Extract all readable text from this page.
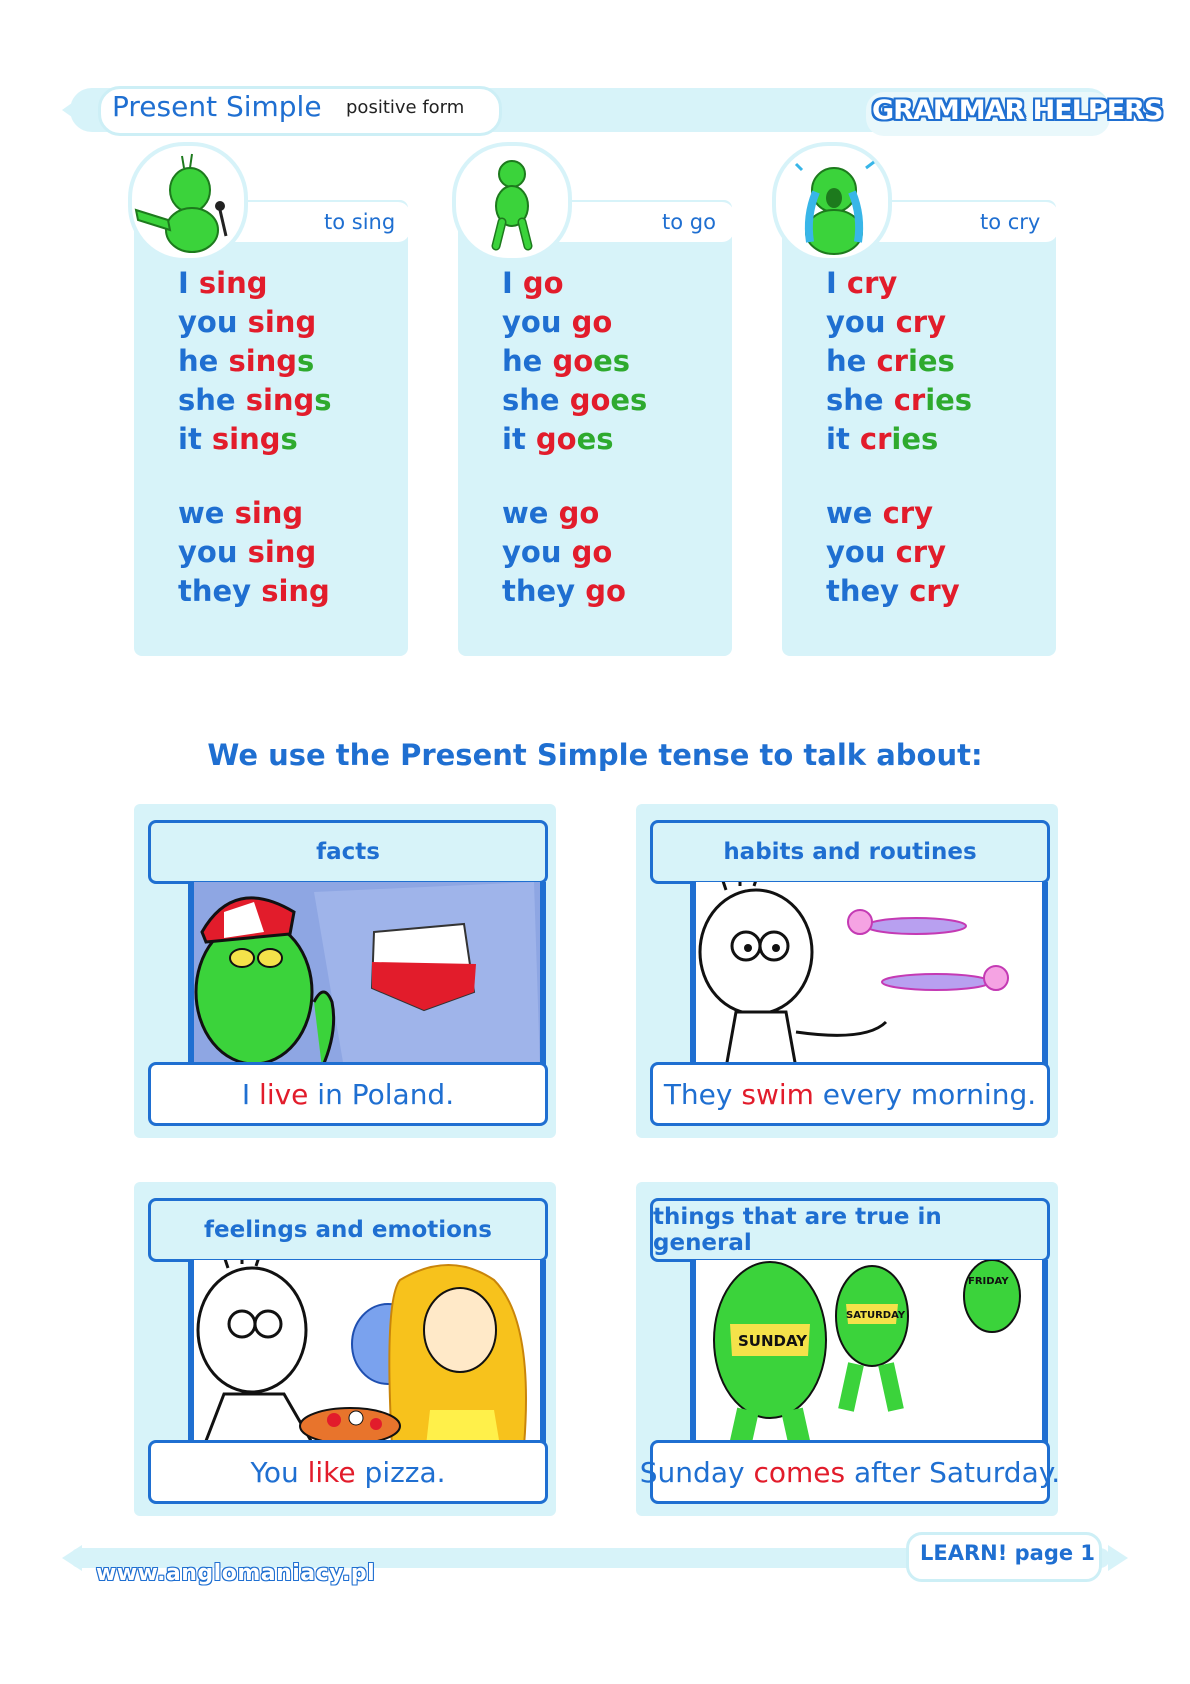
Present Simple positive form	GRAMMAR HELPERS
to sing
I sing
you sing
he sings
she sings
it sings
we sing
you sing
they sing
to go
I go
you go
he goes
she goes
it goes
we go
you go
they go
to cry
I cry
you cry
he cries
she cries
it cries
we cry
you cry
they cry
We use the Present Simple tense to talk about:
facts
I live in Poland.
habits and routines
They swim every morning.
feelings and emotions
You like pizza.
things that are true in general
FRIDAY
SATURDAY
SUNDAY
Sunday comes after Saturday.
www.anglomaniacy.pl
LEARN! page 1
